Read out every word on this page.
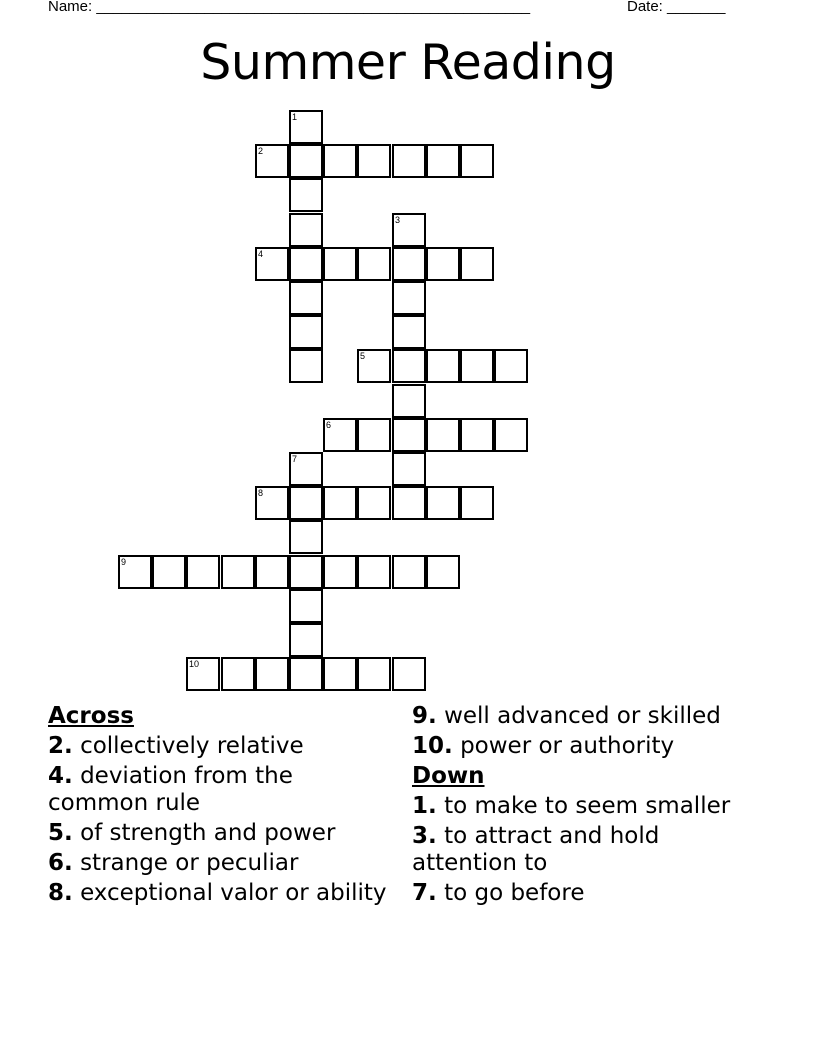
Name: ____________________________________________________	Date: _______
Summer Reading
1
2
3
4
5
6
7
8
9
10
Across
2. collectively relative
4. deviation from the common rule
5. of strength and power
6. strange or peculiar
8. exceptional valor or ability
9. well advanced or skilled
10. power or authority
Down
1. to make to seem smaller
3. to attract and hold attention to
7. to go before
